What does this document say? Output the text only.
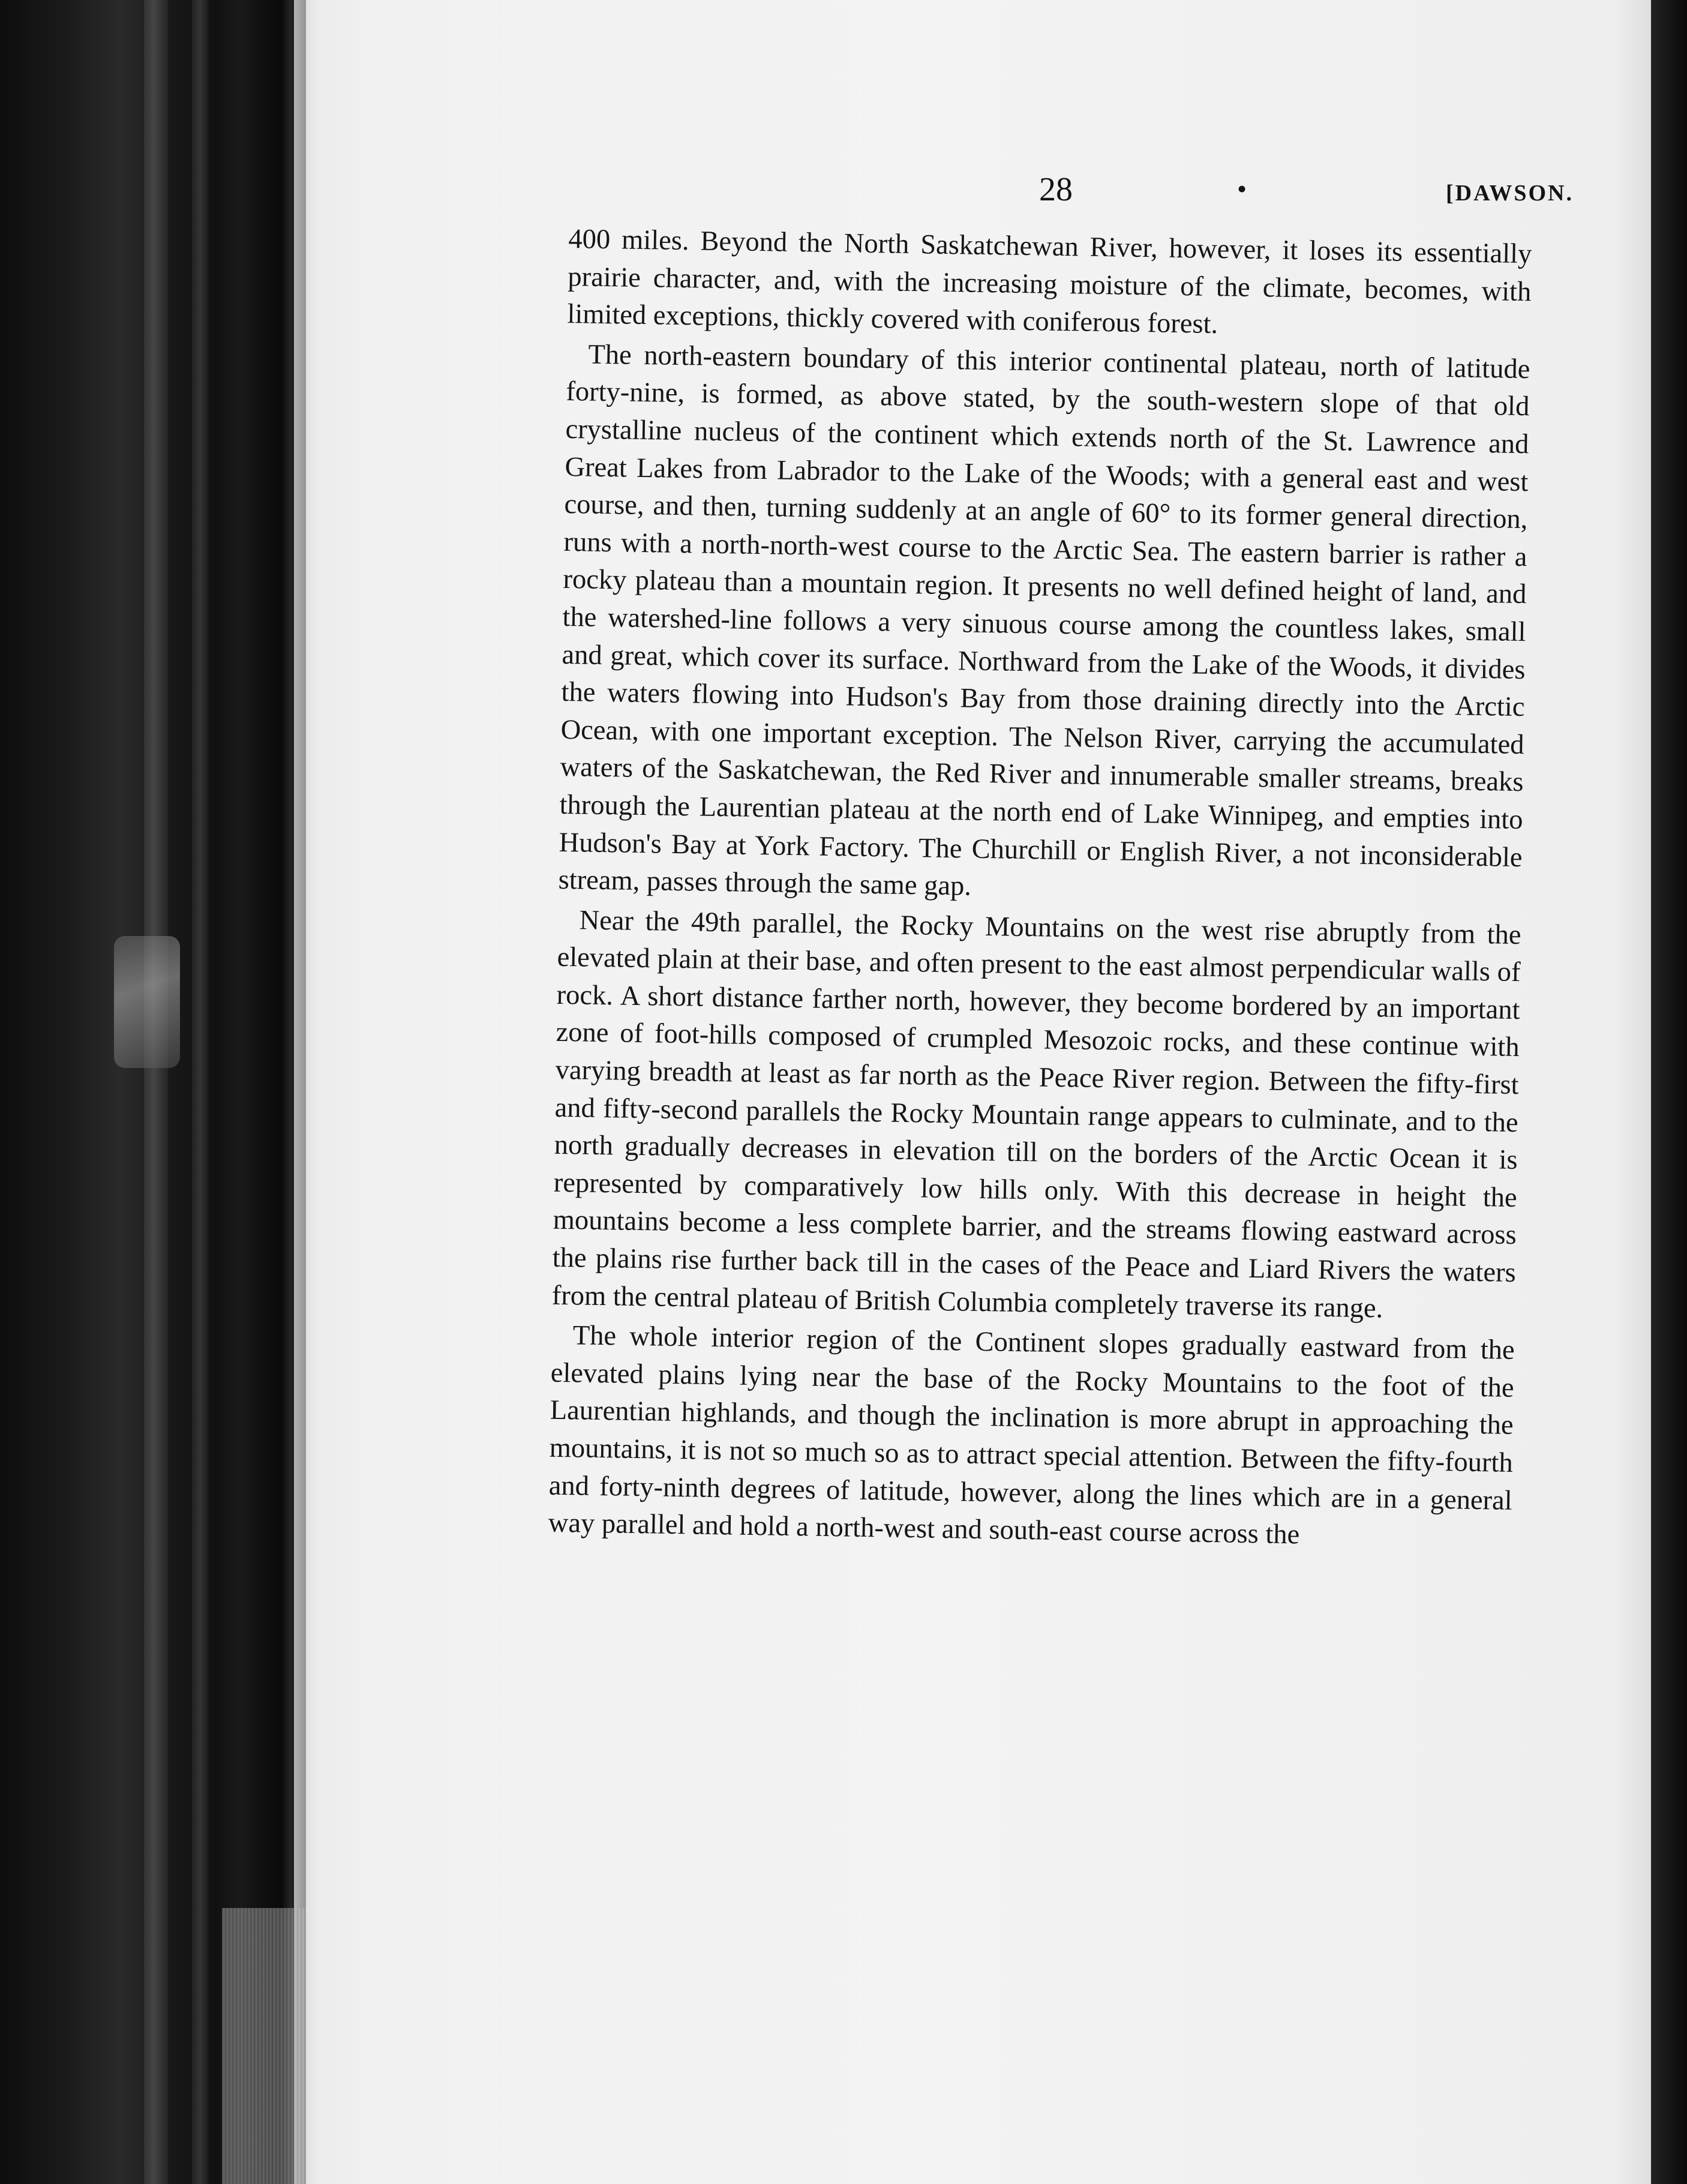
28	•	[DAWSON.

400 miles. Beyond the North Saskatchewan River, however, it loses its essentially prairie character, and, with the increasing moisture of the climate, becomes, with limited exceptions, thickly covered with coniferous forest.

The north-eastern boundary of this interior continental plateau, north of latitude forty-nine, is formed, as above stated, by the south-western slope of that old crystalline nucleus of the continent which extends north of the St. Lawrence and Great Lakes from Labrador to the Lake of the Woods; with a general east and west course, and then, turning suddenly at an angle of 60° to its former general direction, runs with a north-north-west course to the Arctic Sea. The eastern barrier is rather a rocky plateau than a mountain region. It presents no well defined height of land, and the watershed-line follows a very sinuous course among the countless lakes, small and great, which cover its surface. Northward from the Lake of the Woods, it divides the waters flowing into Hudson's Bay from those draining directly into the Arctic Ocean, with one important exception. The Nelson River, carrying the accumulated waters of the Saskatchewan, the Red River and innumerable smaller streams, breaks through the Laurentian plateau at the north end of Lake Winnipeg, and empties into Hudson's Bay at York Factory. The Churchill or English River, a not inconsiderable stream, passes through the same gap.

Near the 49th parallel, the Rocky Mountains on the west rise abruptly from the elevated plain at their base, and often present to the east almost perpendicular walls of rock. A short distance farther north, however, they become bordered by an important zone of foot-hills composed of crumpled Mesozoic rocks, and these continue with varying breadth at least as far north as the Peace River region. Between the fifty-first and fifty-second parallels the Rocky Mountain range appears to culminate, and to the north gradually decreases in elevation till on the borders of the Arctic Ocean it is represented by comparatively low hills only. With this decrease in height the mountains become a less complete barrier, and the streams flowing eastward across the plains rise further back till in the cases of the Peace and Liard Rivers the waters from the central plateau of British Columbia completely traverse its range.

The whole interior region of the Continent slopes gradually eastward from the elevated plains lying near the base of the Rocky Mountains to the foot of the Laurentian highlands, and though the inclination is more abrupt in approaching the mountains, it is not so much so as to attract special attention. Between the fifty-fourth and forty-ninth degrees of latitude, however, along the lines which are in a general way parallel and hold a north-west and south-east course across the
